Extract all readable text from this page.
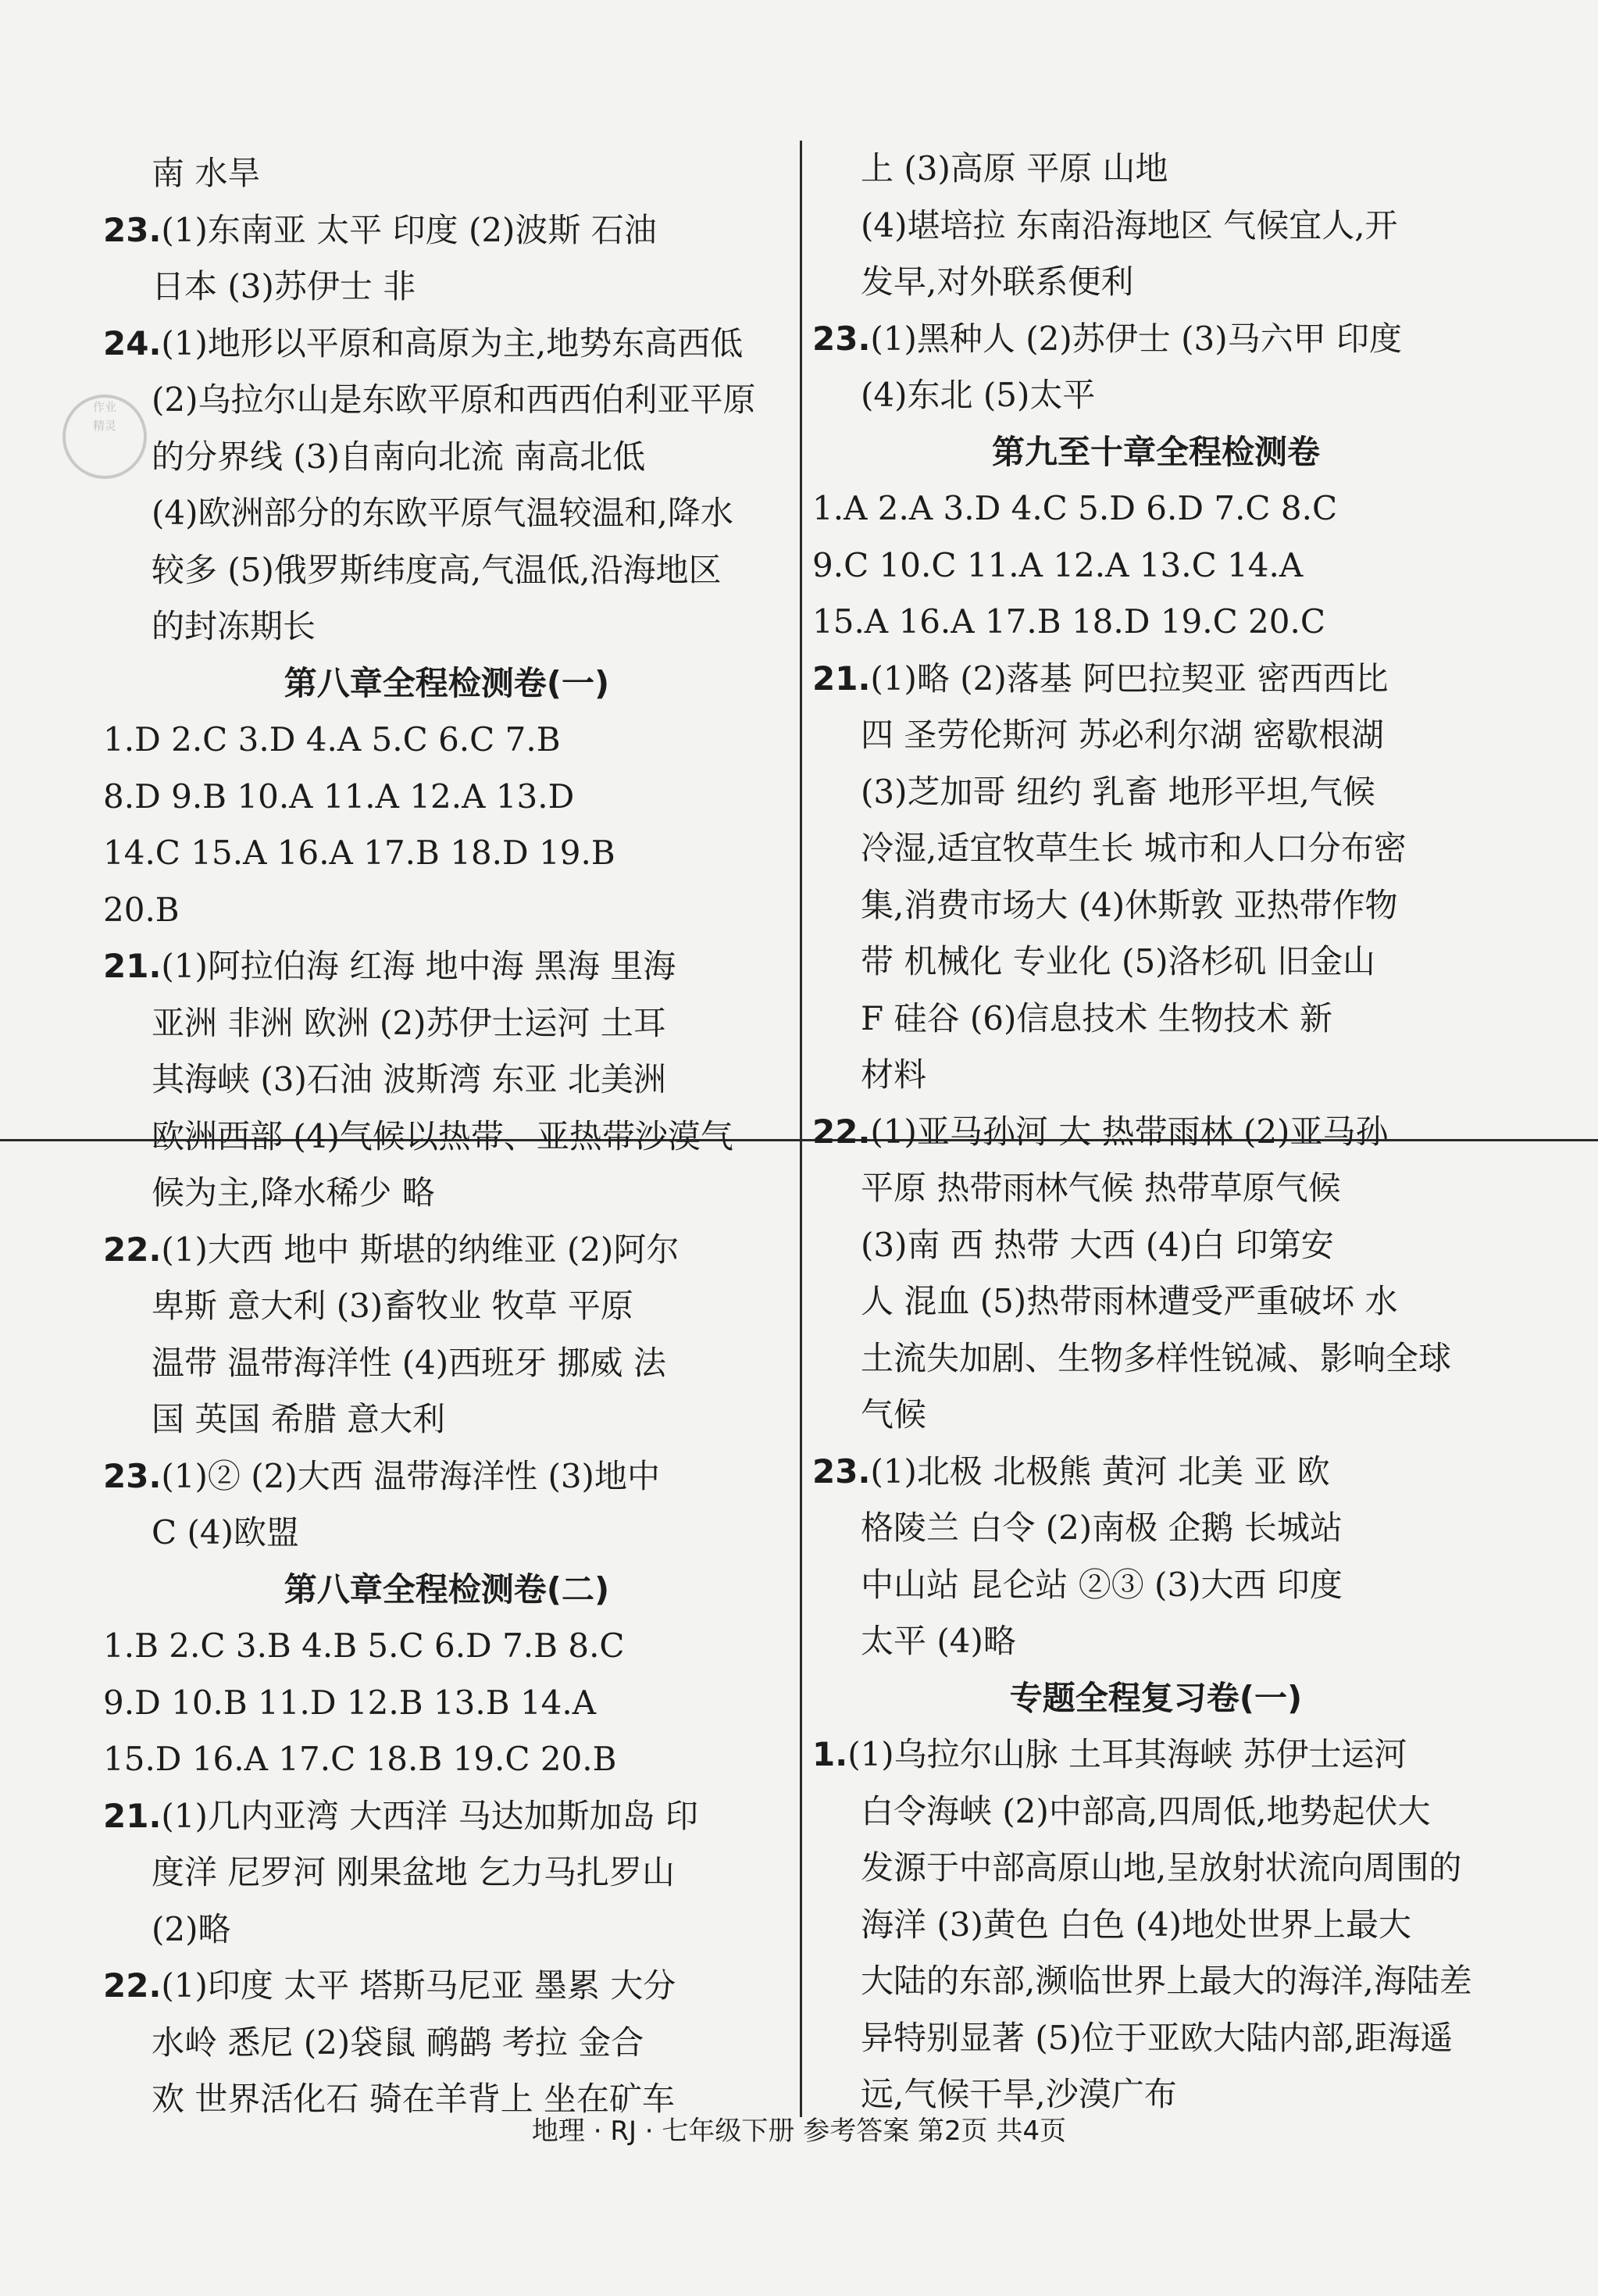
作业
精灵
南 水旱
23.(1)东南亚 太平 印度 (2)波斯 石油
日本 (3)苏伊士 非
24.(1)地形以平原和高原为主,地势东高西低
(2)乌拉尔山是东欧平原和西西伯利亚平原
的分界线 (3)自南向北流 南高北低
(4)欧洲部分的东欧平原气温较温和,降水
较多 (5)俄罗斯纬度高,气温低,沿海地区
的封冻期长
第八章全程检测卷(一)
1.D 2.C 3.D 4.A 5.C 6.C 7.B
8.D 9.B 10.A 11.A 12.A 13.D
14.C 15.A 16.A 17.B 18.D 19.B
20.B
21.(1)阿拉伯海 红海 地中海 黑海 里海
亚洲 非洲 欧洲 (2)苏伊士运河 土耳
其海峡 (3)石油 波斯湾 东亚 北美洲
欧洲西部 (4)气候以热带、亚热带沙漠气
候为主,降水稀少 略
22.(1)大西 地中 斯堪的纳维亚 (2)阿尔
卑斯 意大利 (3)畜牧业 牧草 平原
温带 温带海洋性 (4)西班牙 挪威 法
国 英国 希腊 意大利
23.(1)② (2)大西 温带海洋性 (3)地中
C (4)欧盟
第八章全程检测卷(二)
1.B 2.C 3.B 4.B 5.C 6.D 7.B 8.C
9.D 10.B 11.D 12.B 13.B 14.A
15.D 16.A 17.C 18.B 19.C 20.B
21.(1)几内亚湾 大西洋 马达加斯加岛 印
度洋 尼罗河 刚果盆地 乞力马扎罗山
(2)略
22.(1)印度 太平 塔斯马尼亚 墨累 大分
水岭 悉尼 (2)袋鼠 鸸鹋 考拉 金合
欢 世界活化石 骑在羊背上 坐在矿车
上 (3)高原 平原 山地
(4)堪培拉 东南沿海地区 气候宜人,开
发早,对外联系便利
23.(1)黑种人 (2)苏伊士 (3)马六甲 印度
(4)东北 (5)太平
第九至十章全程检测卷
1.A 2.A 3.D 4.C 5.D 6.D 7.C 8.C
9.C 10.C 11.A 12.A 13.C 14.A
15.A 16.A 17.B 18.D 19.C 20.C
21.(1)略 (2)落基 阿巴拉契亚 密西西比
四 圣劳伦斯河 苏必利尔湖 密歇根湖
(3)芝加哥 纽约 乳畜 地形平坦,气候
冷湿,适宜牧草生长 城市和人口分布密
集,消费市场大 (4)休斯敦 亚热带作物
带 机械化 专业化 (5)洛杉矶 旧金山
F 硅谷 (6)信息技术 生物技术 新
材料
22.(1)亚马孙河 大 热带雨林 (2)亚马孙
平原 热带雨林气候 热带草原气候
(3)南 西 热带 大西 (4)白 印第安
人 混血 (5)热带雨林遭受严重破坏 水
土流失加剧、生物多样性锐减、影响全球
气候
23.(1)北极 北极熊 黄河 北美 亚 欧
格陵兰 白令 (2)南极 企鹅 长城站
中山站 昆仑站 ②③ (3)大西 印度
太平 (4)略
专题全程复习卷(一)
1.(1)乌拉尔山脉 土耳其海峡 苏伊士运河
白令海峡 (2)中部高,四周低,地势起伏大
发源于中部高原山地,呈放射状流向周围的
海洋 (3)黄色 白色 (4)地处世界上最大
大陆的东部,濒临世界上最大的海洋,海陆差
异特别显著 (5)位于亚欧大陆内部,距海遥
远,气候干旱,沙漠广布
地理 · RJ · 七年级下册 参考答案 第2页 共4页
